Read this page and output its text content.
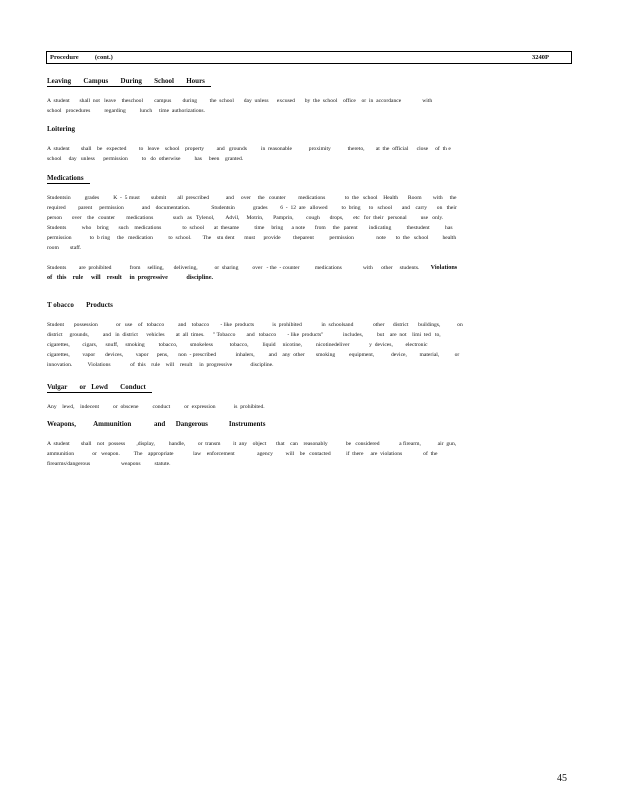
Procedure          (cont.)	3240P
Leaving       Campus       During       School       Hours
A  student       shall  not   leave    theschool        campus        during         the  school       day  unless      excused       by  the  school    office    or  in  accordance               with
school   procedures          regarding          lunch     time  authorizations.
Loitering
A  student        shall    be   expected         to   leave    school    property         and   grounds          in  reasonable            proximity            thereto,        at  the  official      close     of  th e
school     day   unless      permission          to   do  otherwise          has     been    granted.
Medications
Studentsin          grades          K  -  5 must        submit        all  prescribed            and     over     the   counter         medications              to  the   school    Health       Room        with     the
required         parent     permission             and    documentation.               Studentsin             grades         6  -  12  are   allowed          to  bring      to   school       and    carry       on   their
person       over    the   counter        medications              such   as   Tylenol,        Advil,     Motrin,       Pamprin,         cough       drops,       etc   for  their   personal          use   only.
Students           who    bring       such    medications               to  school       at  thesame           time     bring      a note       from     the   parent        indicating           thestudent           has
permission             to  b ring     the   medication           to  school.        The    stu dent       must      provide         theparent           permission                note       to  the   school          health
room        staff.
Students         are  prohibited             from     selling,       delivering,            or  sharing          over   - the  - counter           medications               with      other     students. Violations
of   this    rule     will    result     in  progressive            discipline.
T obacco       Products
Student       possession             or   use    of   tobacco          and    tobacco        - like  products             is  prohibited              in  schoolsand              other      district       buildings,            on
district     grounds,          and   in  district      vehicles        at  all  times.      " Tobacco        and   tobacco        - like  products"              includes,          but    are  not    limi  ted   to,
cigarettes,         cigars,      snuff,     smoking          tobacco,         smokeless            tobacco,          liquid     nicotine,          nicotinedeliver              y  devices,         electronic
cigarettes,         vapor       devices,         vapor      pens,       non  - prescribed              inhalers,          and    any  other        smoking          equipment,            device,         material,           or
innovation.           Violations              of  this    rule    will    result     in  progressive             discipline.
Vulgar       or   Lewd       Conduct
Any    lewd,    indecent          or  obscene          conduct          or  expression             is  prohibited.
Weapons,          Ammunition             and      Dangerous            Instruments
A  student        shall    not   possess        ,display,          handle,         or  transm         it  any    object       that    can    reasonably             be   considered              a firearm,            air  gun,
ammunition             or   weapon.          The    appropriate              law    enforcement                agency         will    be   contacted           if  there     are  violations               of  the
firearms/dangerous                      weapons          statute.
45
